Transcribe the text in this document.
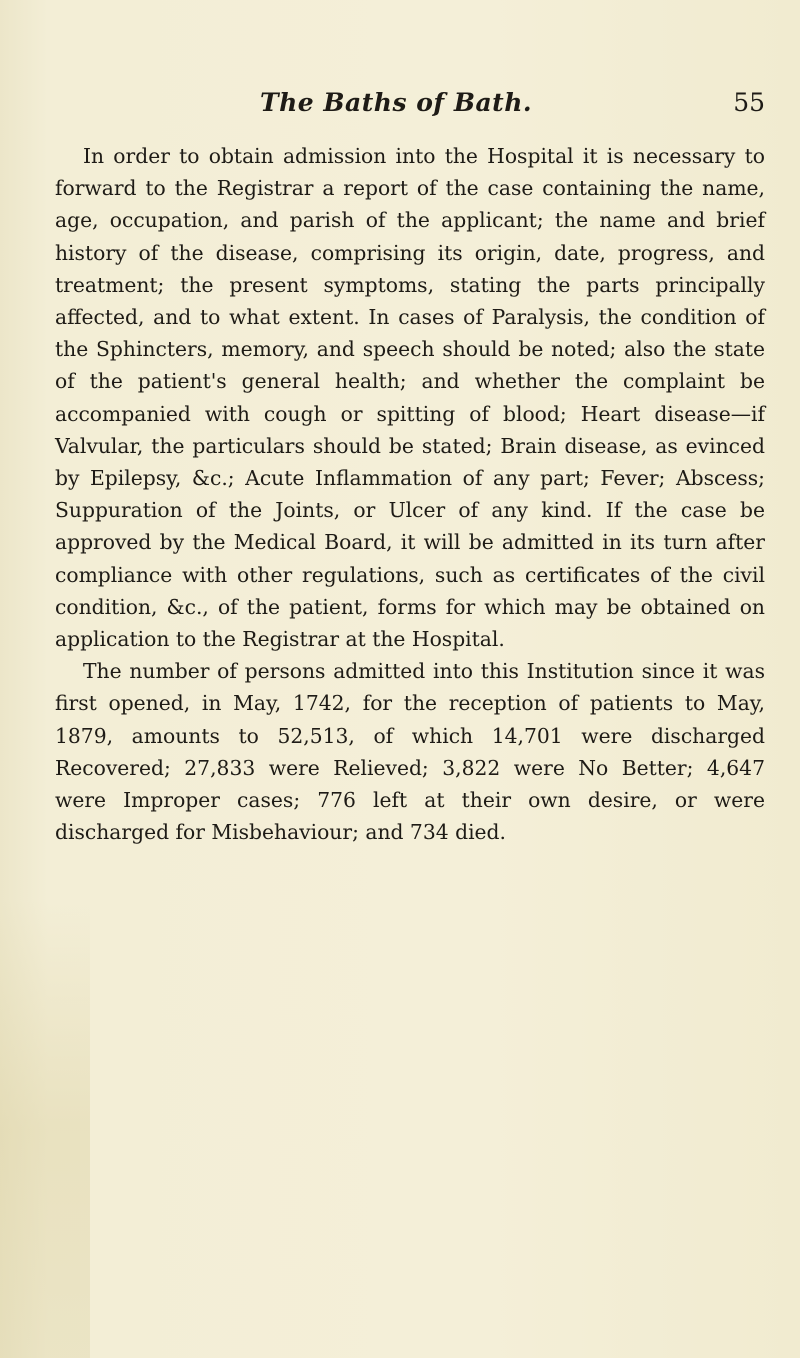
The Baths of Bath.	55

In order to obtain admission into the Hospital it is necessary to forward to the Registrar a report of the case containing the name, age, occupation, and parish of the applicant; the name and brief history of the disease, comprising its origin, date, progress, and treatment; the present symptoms, stating the parts principally affected, and to what extent. In cases of Paralysis, the condition of the Sphincters, memory, and speech should be noted; also the state of the patient's general health; and whether the complaint be accompanied with cough or spitting of blood; Heart disease—if Valvular, the particulars should be stated; Brain disease, as evinced by Epilepsy, &c.; Acute Inflammation of any part; Fever; Abscess; Suppuration of the Joints, or Ulcer of any kind. If the case be approved by the Medical Board, it will be admitted in its turn after compliance with other regulations, such as certificates of the civil condition, &c., of the patient, forms for which may be obtained on application to the Registrar at the Hospital.

The number of persons admitted into this Institution since it was first opened, in May, 1742, for the reception of patients to May, 1879, amounts to 52,513, of which 14,701 were discharged Recovered; 27,833 were Relieved; 3,822 were No Better; 4,647 were Improper cases; 776 left at their own desire, or were discharged for Misbehaviour; and 734 died.
